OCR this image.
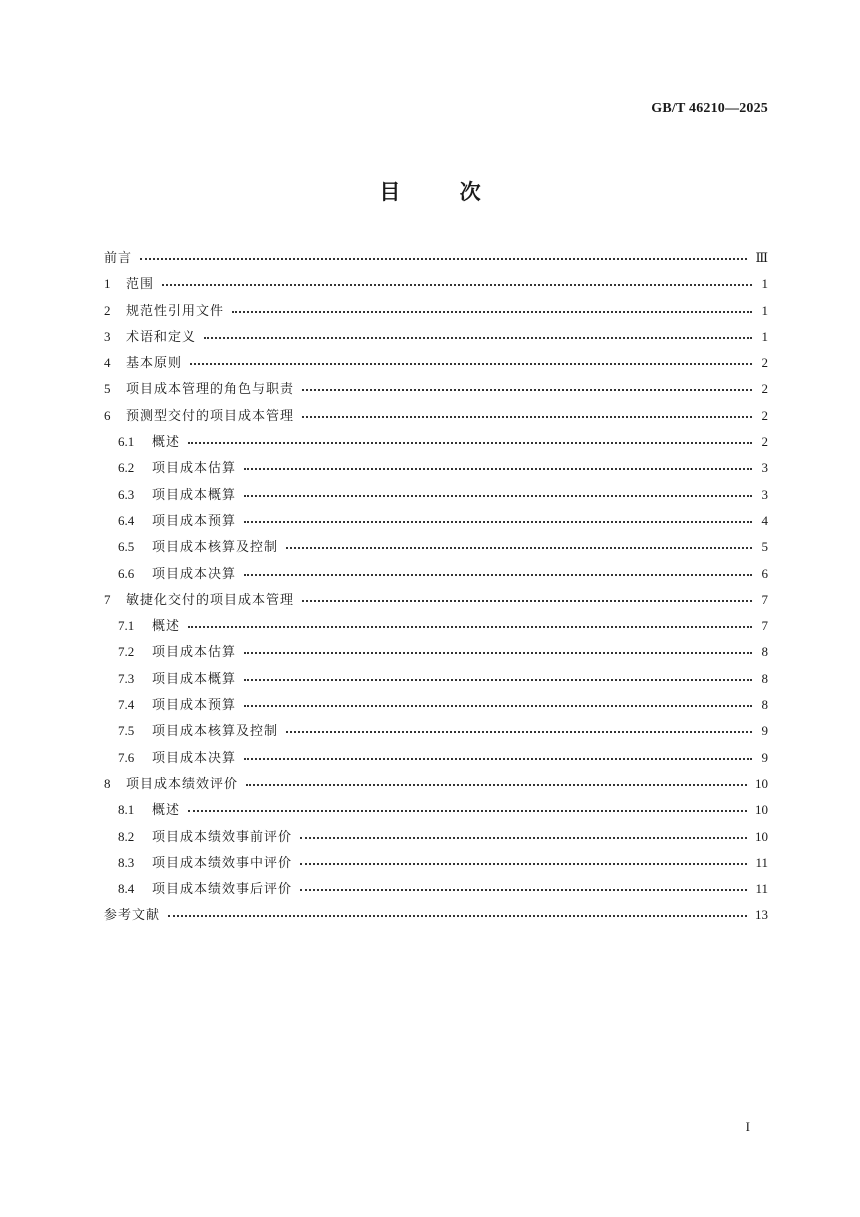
GB/T 46210—2025
目	次
前言	Ⅲ
1	范围	1
2	规范性引用文件	1
3	术语和定义	1
4	基本原则	2
5	项目成本管理的角色与职责	2
6	预测型交付的项目成本管理	2
6.1	概述	2
6.2	项目成本估算	3
6.3	项目成本概算	3
6.4	项目成本预算	4
6.5	项目成本核算及控制	5
6.6	项目成本决算	6
7	敏捷化交付的项目成本管理	7
7.1	概述	7
7.2	项目成本估算	8
7.3	项目成本概算	8
7.4	项目成本预算	8
7.5	项目成本核算及控制	9
7.6	项目成本决算	9
8	项目成本绩效评价	10
8.1	概述	10
8.2	项目成本绩效事前评价	10
8.3	项目成本绩效事中评价	11
8.4	项目成本绩效事后评价	11
参考文献	13
I
